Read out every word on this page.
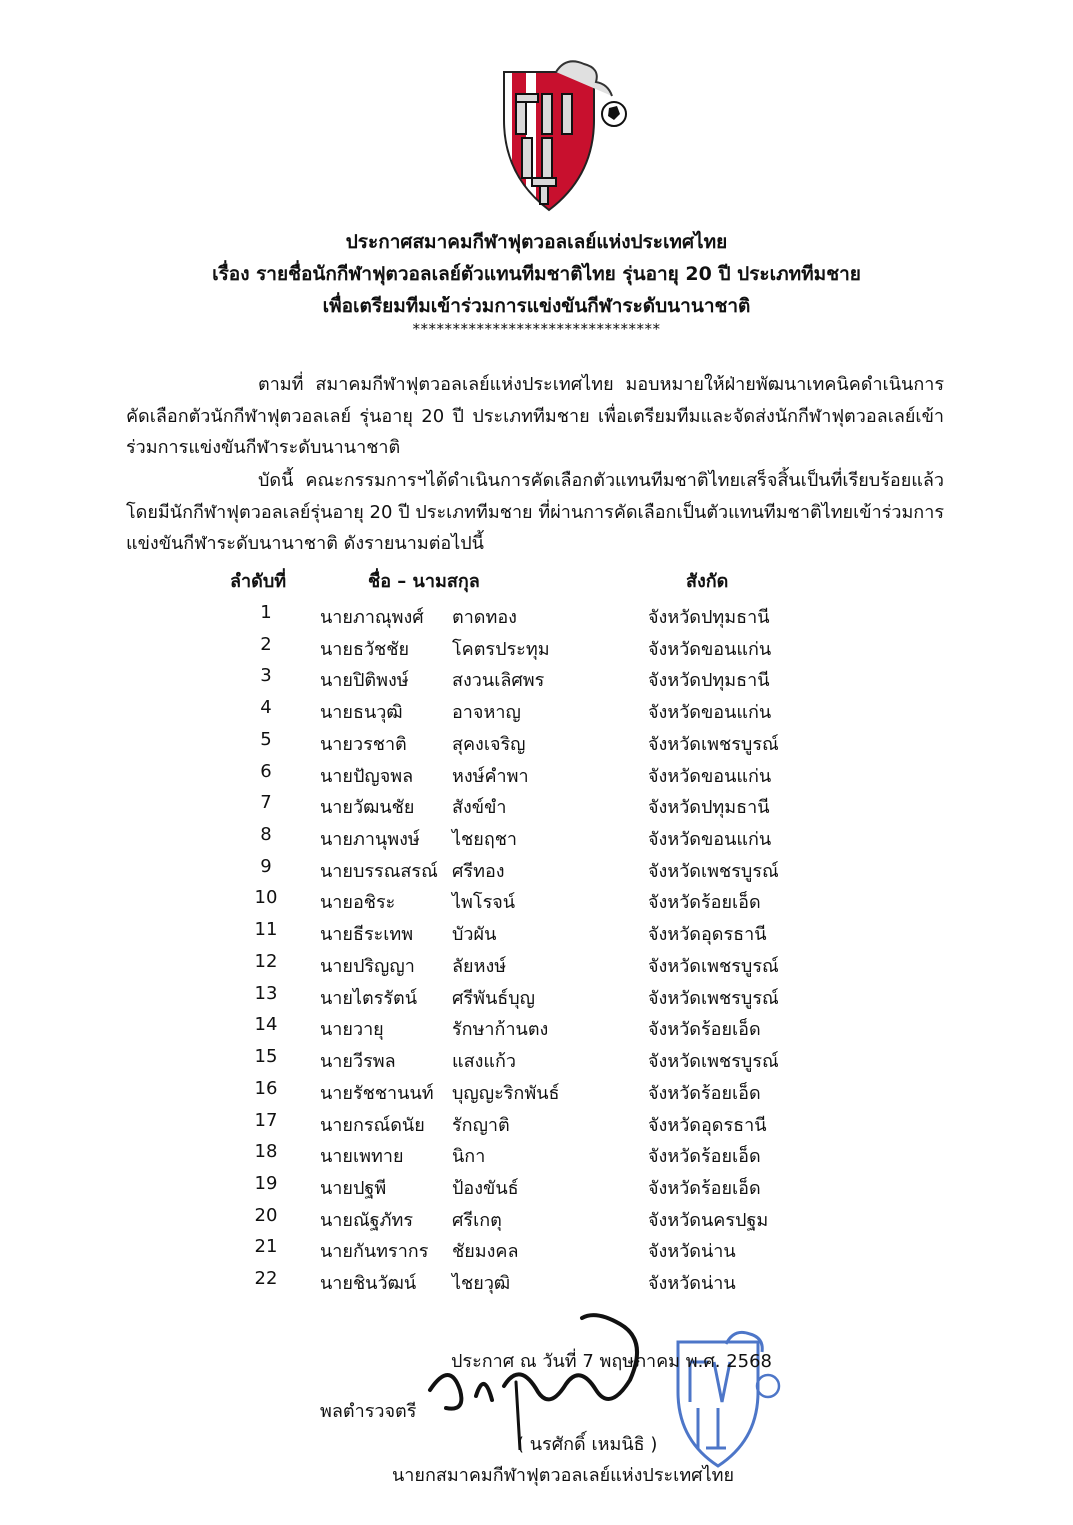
ประกาศสมาคมกีฬาฟุตวอลเลย์แห่งประเทศไทย
เรื่อง รายชื่อนักกีฬาฟุตวอลเลย์ตัวแทนทีมชาติไทย รุ่นอายุ 20 ปี ประเภททีมชาย
เพื่อเตรียมทีมเข้าร่วมการแข่งขันกีฬาระดับนานาชาติ
*******************************
ตามที่ สมาคมกีฬาฟุตวอลเลย์แห่งประเทศไทย มอบหมายให้ฝ่ายพัฒนาเทคนิคดำเนินการคัดเลือกตัวนักกีฬาฟุตวอลเลย์ รุ่นอายุ 20 ปี ประเภททีมชาย เพื่อเตรียมทีมและจัดส่งนักกีฬาฟุตวอลเลย์เข้าร่วมการแข่งขันกีฬาระดับนานาชาติ
บัดนี้ คณะกรรมการฯได้ดำเนินการคัดเลือกตัวแทนทีมชาติไทยเสร็จสิ้นเป็นที่เรียบร้อยแล้ว โดยมีนักกีฬาฟุตวอลเลย์รุ่นอายุ 20 ปี ประเภททีมชาย ที่ผ่านการคัดเลือกเป็นตัวแทนทีมชาติไทยเข้าร่วมการแข่งขันกีฬาระดับนานาชาติ ดังรายนามต่อไปนี้
ลำดับที่	ชื่อ – นามสกุล	สังกัด
1	นายภาณุพงศ์ ตาดทอง	จังหวัดปทุมธานี
2	นายธวัชชัย โคตรประทุม	จังหวัดขอนแก่น
3	นายปิติพงษ์ สงวนเลิศพร	จังหวัดปทุมธานี
4	นายธนวุฒิ	อาจหาญ	จังหวัดขอนแก่น
5	นายวรชาติ	สุคงเจริญ	จังหวัดเพชรบูรณ์
6	นายปัญจพล หงษ์คำพา	จังหวัดขอนแก่น
7	นายวัฒนชัย สังข์ขำ	จังหวัดปทุมธานี
8	นายภานุพงษ์ ไชยฤชา	จังหวัดขอนแก่น
9	นายบรรณสรณ์ ศรีทอง	จังหวัดเพชรบูรณ์
10	นายอชิระ	ไพโรจน์	จังหวัดร้อยเอ็ด
11	นายธีระเทพ บัวผัน	จังหวัดอุดรธานี
12	นายปริญญา ลัยหงษ์	จังหวัดเพชรบูรณ์
13	นายไตรรัตน์ ศรีพันธ์บุญ	จังหวัดเพชรบูรณ์
14	นายวายุ	รักษาก้านตง	จังหวัดร้อยเอ็ด
15	นายวีรพล	แสงแก้ว	จังหวัดเพชรบูรณ์
16	นายรัชชานนท์ บุญญะริกพันธ์	จังหวัดร้อยเอ็ด
17	นายกรณ์ดนัย รักญาติ	จังหวัดอุดรธานี
18	นายเพทาย	นิกา	จังหวัดร้อยเอ็ด
19	นายปฐพี	ป้องขันธ์	จังหวัดร้อยเอ็ด
20	นายณัฐภัทร ศรีเกตุ	จังหวัดนครปฐม
21	นายกันทรากร ชัยมงคล	จังหวัดน่าน
22	นายชินวัฒน์ ไชยวุฒิ	จังหวัดน่าน
ประกาศ ณ วันที่ 7 พฤษภาคม พ.ศ. 2568
พลตำรวจตรี
( นรศักดิ์ เหมนิธิ )
นายกสมาคมกีฬาฟุตวอลเลย์แห่งประเทศไทย
